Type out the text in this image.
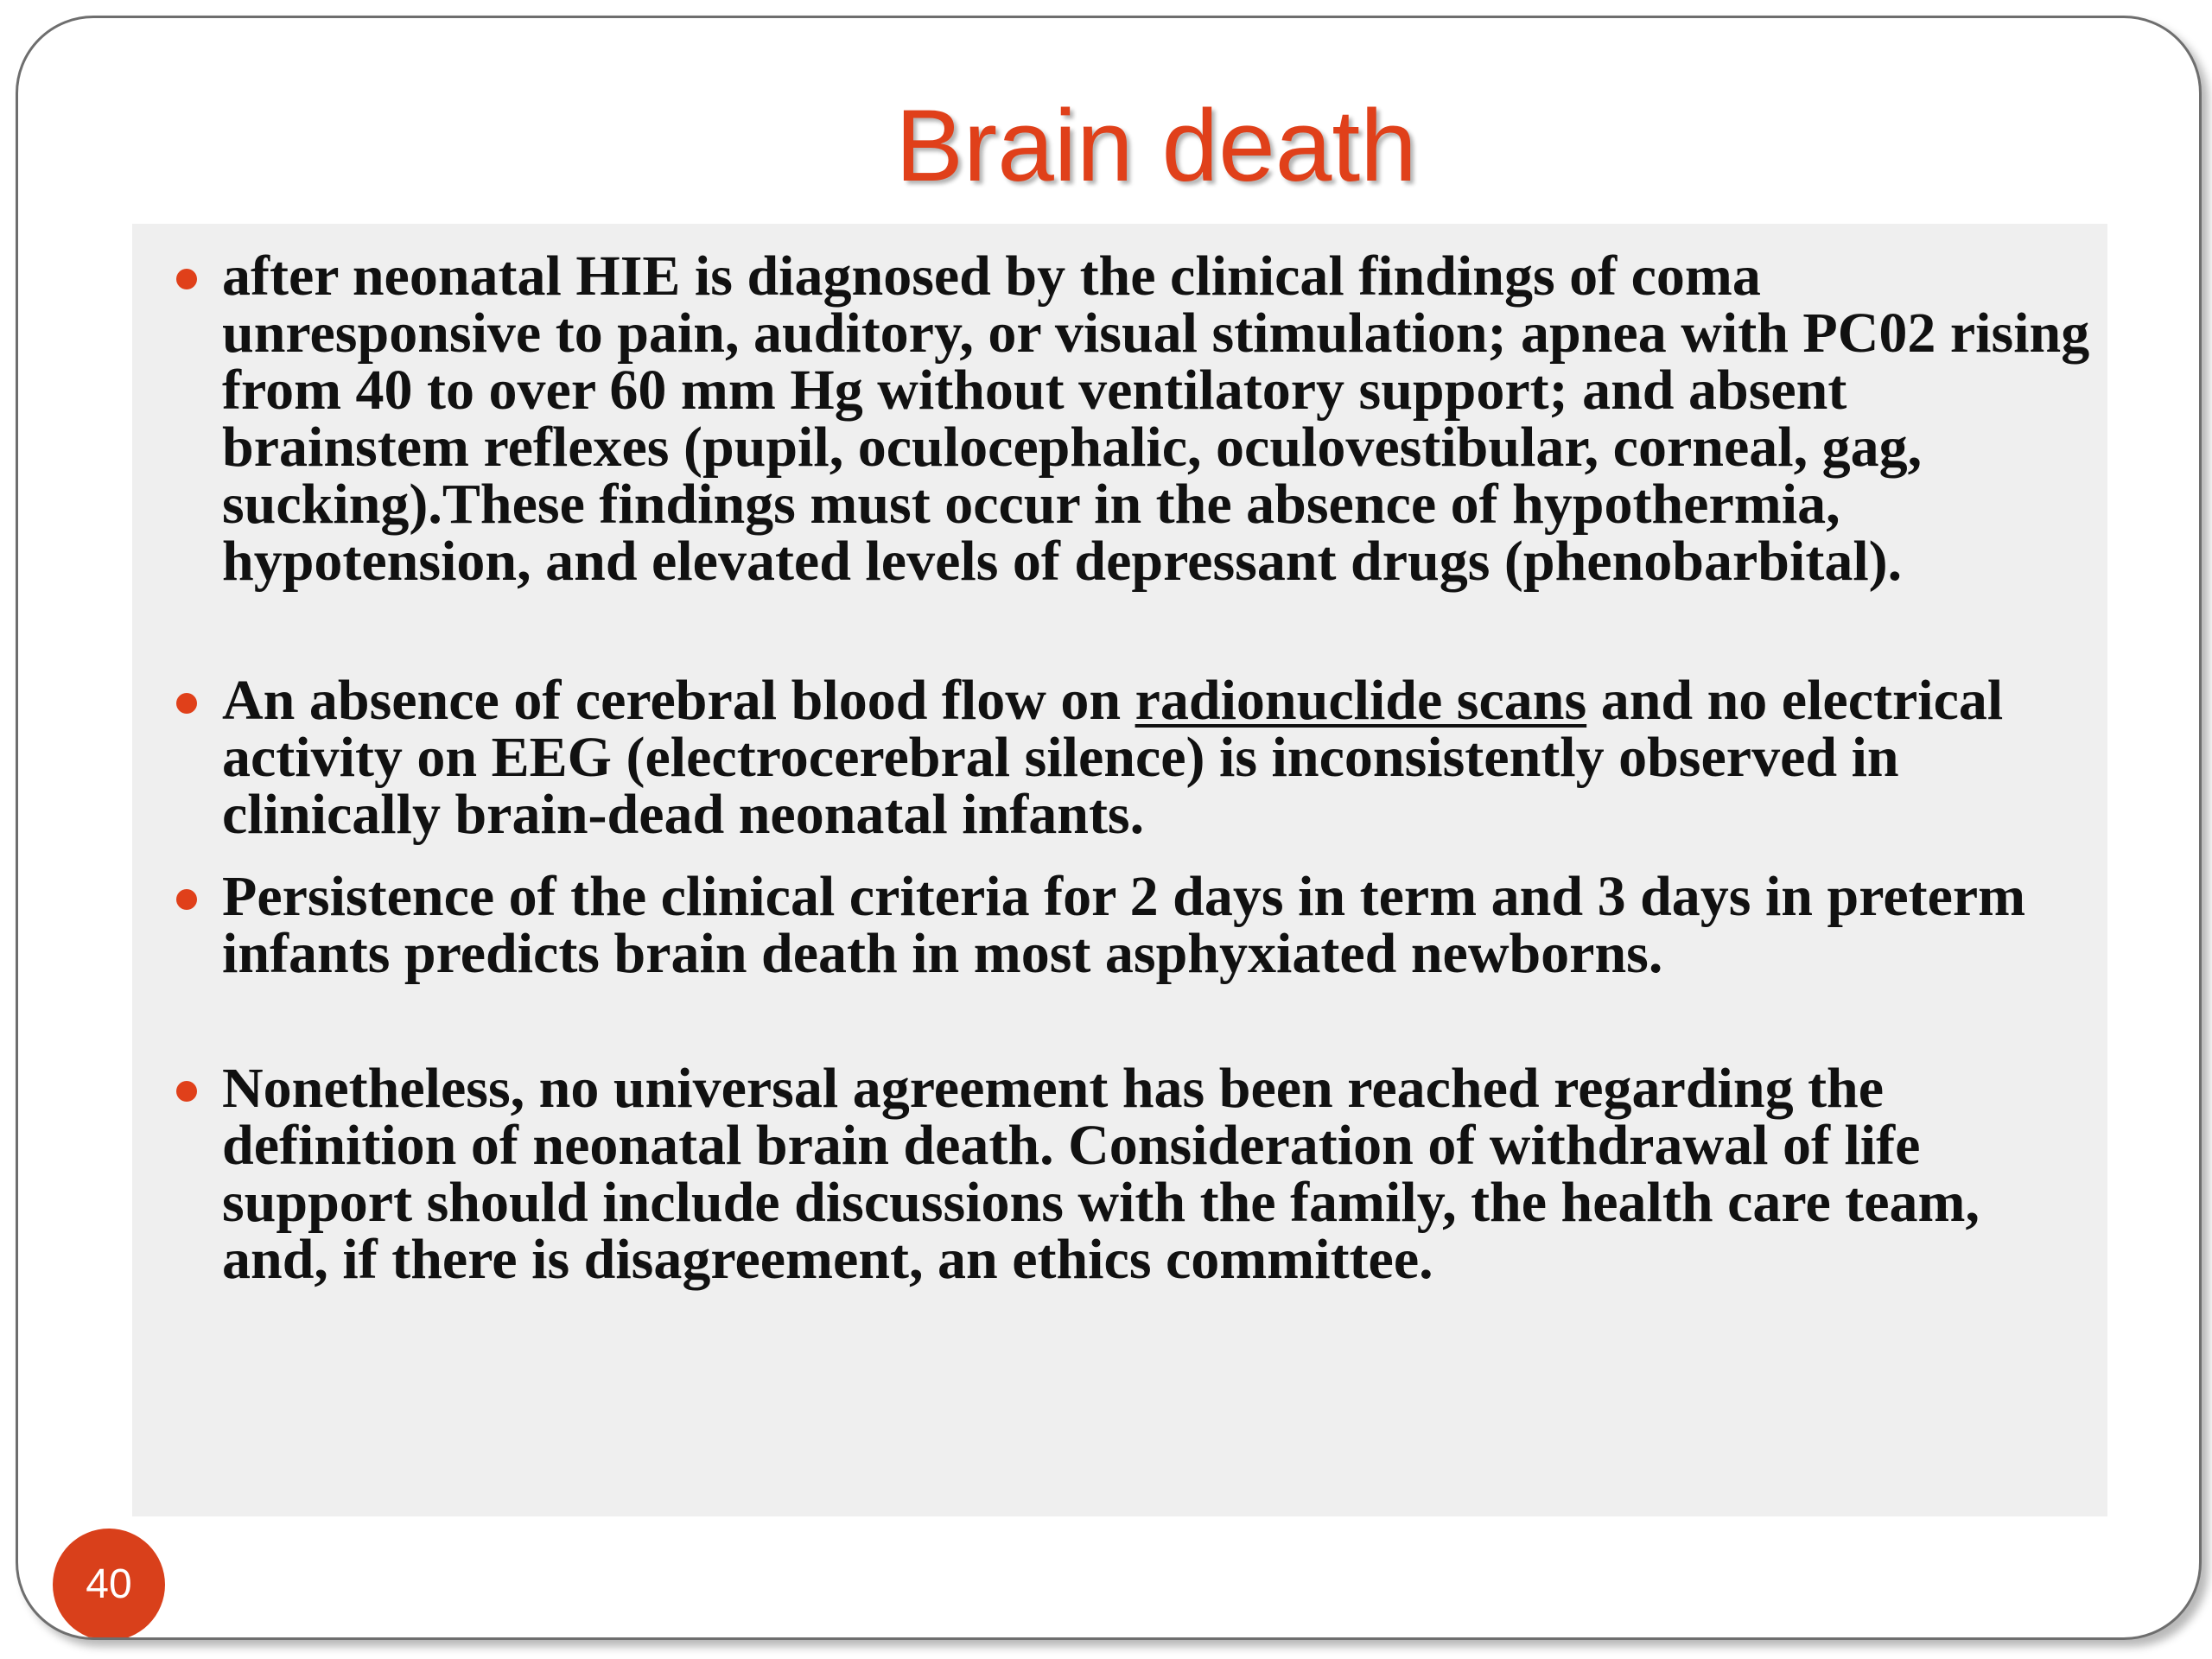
Brain death
after neonatal HIE is diagnosed by the clinical findings of coma unresponsive to pain, auditory, or visual stimulation; apnea with PC02 rising from 40 to over 60 mm Hg without ventilatory support; and absent brainstem reflexes (pupil, oculocephalic, oculovestibular, corneal, gag, sucking).These findings must occur in the absence of hypothermia, hypotension, and elevated levels of depressant drugs (phenobarbital).
An absence of cerebral blood flow on radionuclide scans and no electrical activity on EEG (electrocerebral silence) is inconsistently observed in clinically brain-dead neonatal infants.
Persistence of the clinical criteria for 2 days in term and 3 days in preterm infants predicts brain death in most asphyxiated newborns.
Nonetheless, no universal agreement has been reached regarding the definition of neonatal brain death. Consideration of withdrawal of life support should include discussions with the family, the health care team, and, if there is disagreement, an ethics committee.
40
